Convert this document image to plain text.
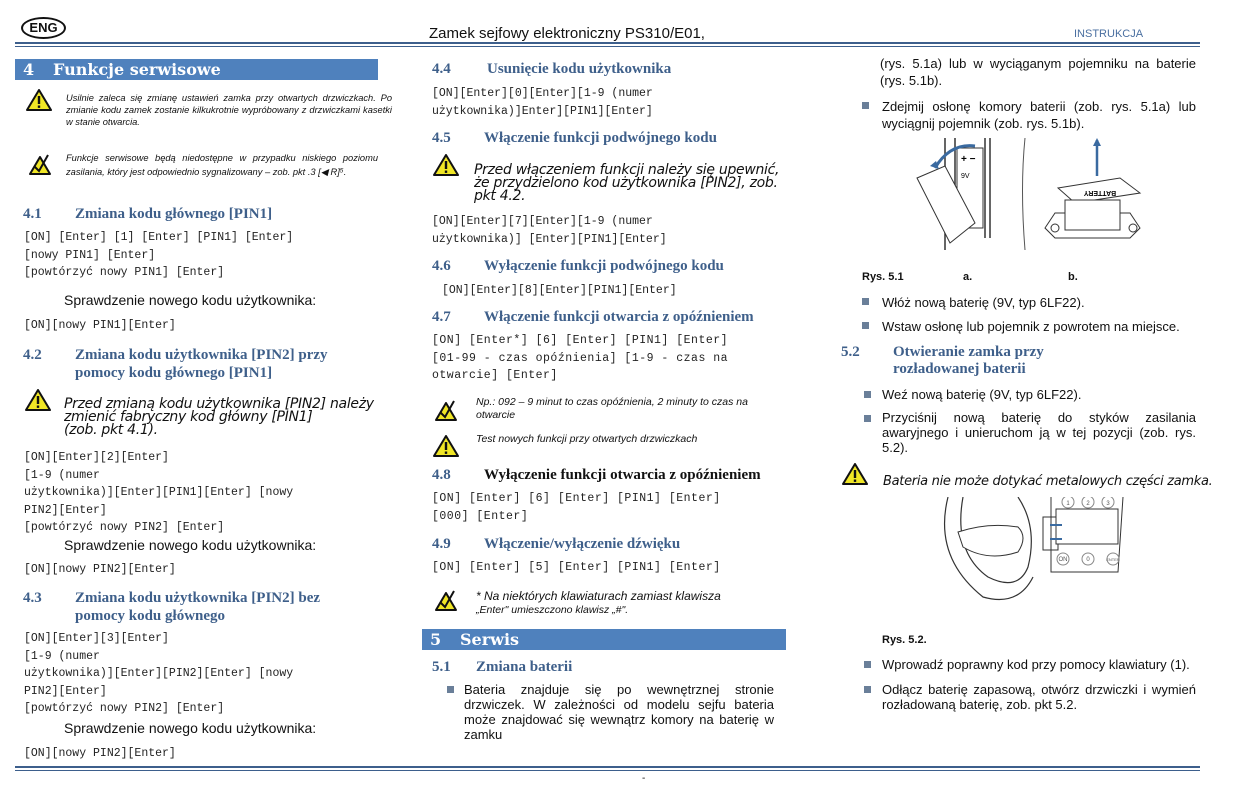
ENG	Zamek sejfowy elektroniczny PS310/E01,	INSTRUKCJA
4 Funkcje serwisowe
Usilnie zaleca się zmianę ustawień zamka przy otwartych drzwiczkach. Po zmianie kodu zamek zostanie kilkukrotnie wypróbowany z drzwiczkami kasetki w stanie otwarcia.
Funkcje serwisowe będą niedostępne w przypadku niskiego poziomu zasilania, który jest odpowiednio sygnalizowany – zob. pkt .3 [◀ R]⁵.
4.1 Zmiana kodu głównego [PIN1]
[ON] [Enter] [1] [Enter] [PIN1] [Enter]
[nowy PIN1] [Enter]
[powtórzyć nowy PIN1] [Enter]
Sprawdzenie nowego kodu użytkownika:
[ON][nowy PIN1][Enter]
4.2 Zmiana kodu użytkownika [PIN2] przy
pomocy kodu głównego [PIN1]
Przed zmianą kodu użytkownika [PIN2] należy
zmienić fabryczny kod główny [PIN1]
(zob. pkt 4.1).
[ON][Enter][2][Enter]
[1-9 (numer
użytkownika)][Enter][PIN1][Enter] [nowy
PIN2][Enter]
[powtórzyć nowy PIN2] [Enter]
Sprawdzenie nowego kodu użytkownika:
[ON][nowy PIN2][Enter]
4.3 Zmiana kodu użytkownika [PIN2] bez
pomocy kodu głównego
[ON][Enter][3][Enter]
[1-9 (numer
użytkownika)][Enter][PIN2][Enter] [nowy
PIN2][Enter]
[powtórzyć nowy PIN2] [Enter]
Sprawdzenie nowego kodu użytkownika:
[ON][nowy PIN2][Enter]
4.4 Usunięcie kodu użytkownika
[ON][Enter][0][Enter][1-9 (numer
użytkownika)]Enter][PIN1][Enter]
4.5 Włączenie funkcji podwójnego kodu
Przed włączeniem funkcji należy się upewnić,
że przydzielono kod użytkownika [PIN2], zob.
pkt 4.2.
[ON][Enter][7][Enter][1-9 (numer
użytkownika)] [Enter][PIN1][Enter]
4.6 Wyłączenie funkcji podwójnego kodu
[ON][Enter][8][Enter][PIN1][Enter]
4.7 Włączenie funkcji otwarcia z opóźnieniem
[ON] [Enter*] [6] [Enter] [PIN1] [Enter]
[01-99 - czas opóźnienia] [1-9 - czas na
otwarcie] [Enter]
Np.: 092 – 9 minut to czas opóźnienia, 2 minuty to czas na
otwarcie
Test nowych funkcji przy otwartych drzwiczkach
4.8 Wyłączenie funkcji otwarcia z opóźnieniem
[ON] [Enter] [6] [Enter] [PIN1] [Enter]
[000] [Enter]
4.9 Włączenie/wyłączenie dźwięku
[ON] [Enter] [5] [Enter] [PIN1] [Enter]
* Na niektórych klawiaturach zamiast klawisza
„Enter" umieszczono klawisz „#".
5 Serwis
5.1 Zmiana baterii
Bateria znajduje się po wewnętrznej stronie drzwiczek. W zależności od modelu sejfu bateria może znajdować się wewnątrz komory na baterię w zamku
(rys. 5.1a) lub w wyciąganym pojemniku na baterie (rys. 5.1b).
Zdejmij osłonę komory baterii (zob. rys. 5.1a) lub wyciągnij pojemnik (zob. rys. 5.1b).
+ −
9V
BATTERY
Rys. 5.1	a.	b.
Włóż nową baterię (9V, typ 6LF22).
Wstaw osłonę lub pojemnik z powrotem na miejsce.
5.2 Otwieranie zamka przy
rozładowanej baterii
Weź nową baterię (9V, typ 6LF22).
Przyciśnij nową baterię do styków zasilania awaryjnego i unieruchom ją w tej pozycji (zob. rys. 5.2).
Bateria nie może dotykać metalowych części zamka.
1	2	3
ON	0	ENTER
Rys. 5.2.
Wprowadź poprawny kod przy pomocy klawiatury (1).
Odłącz baterię zapasową, otwórz drzwiczki i wymień rozładowaną baterię, zob. pkt 5.2.
-
